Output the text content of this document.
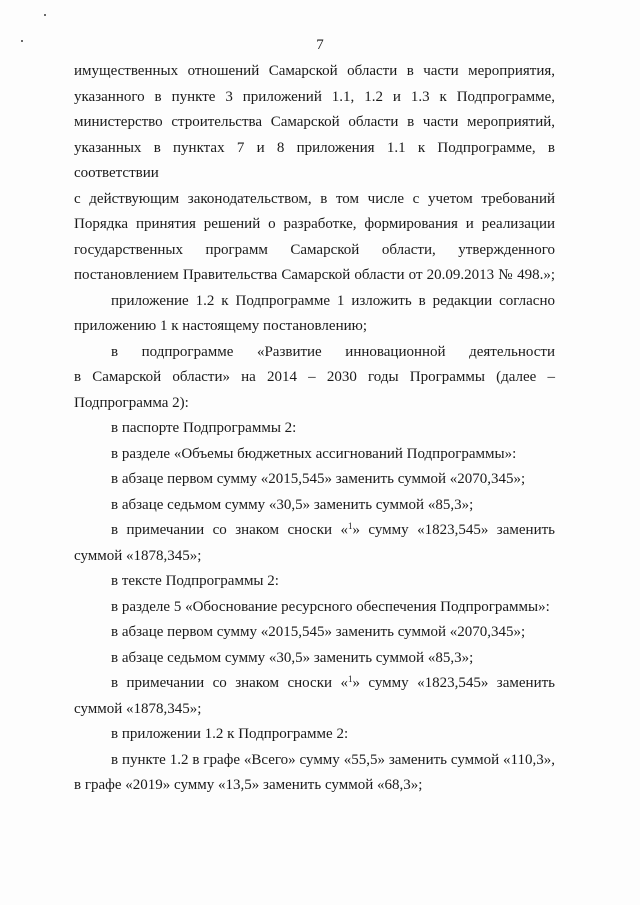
7
имущественных отношений Самарской области в части мероприятия,
указанного в пункте 3 приложений 1.1, 1.2 и 1.3 к Подпрограмме,
министерство строительства Самарской области в части мероприятий,
указанных в пунктах 7 и 8 приложения 1.1 к Подпрограмме, в соответствии
с действующим законодательством, в том числе с учетом требований
Порядка принятия решений о разработке, формирования и реализации
государственных программ Самарской области, утвержденного
постановлением Правительства Самарской области от 20.09.2013 № 498.»;
приложение 1.2 к Подпрограмме 1 изложить в редакции согласно
приложению 1 к настоящему постановлению;
в подпрограмме «Развитие инновационной деятельности
в Самарской области» на 2014 – 2030 годы Программы (далее –
Подпрограмма 2):
в паспорте Подпрограммы 2:
в разделе «Объемы бюджетных ассигнований Подпрограммы»:
в абзаце первом сумму «2015,545» заменить суммой «2070,345»;
в абзаце седьмом сумму «30,5» заменить суммой «85,3»;
в примечании со знаком сноски «$^1$» сумму «1823,545» заменить
суммой «1878,345»;
в тексте Подпрограммы 2:
в разделе 5 «Обоснование ресурсного обеспечения Подпрограммы»:
в абзаце первом сумму «2015,545» заменить суммой «2070,345»;
в абзаце седьмом сумму «30,5» заменить суммой «85,3»;
в примечании со знаком сноски «$^1$» сумму «1823,545» заменить
суммой «1878,345»;
в приложении 1.2 к Подпрограмме 2:
в пункте 1.2 в графе «Всего» сумму «55,5» заменить суммой «110,3»,
в графе «2019» сумму «13,5» заменить суммой «68,3»;
